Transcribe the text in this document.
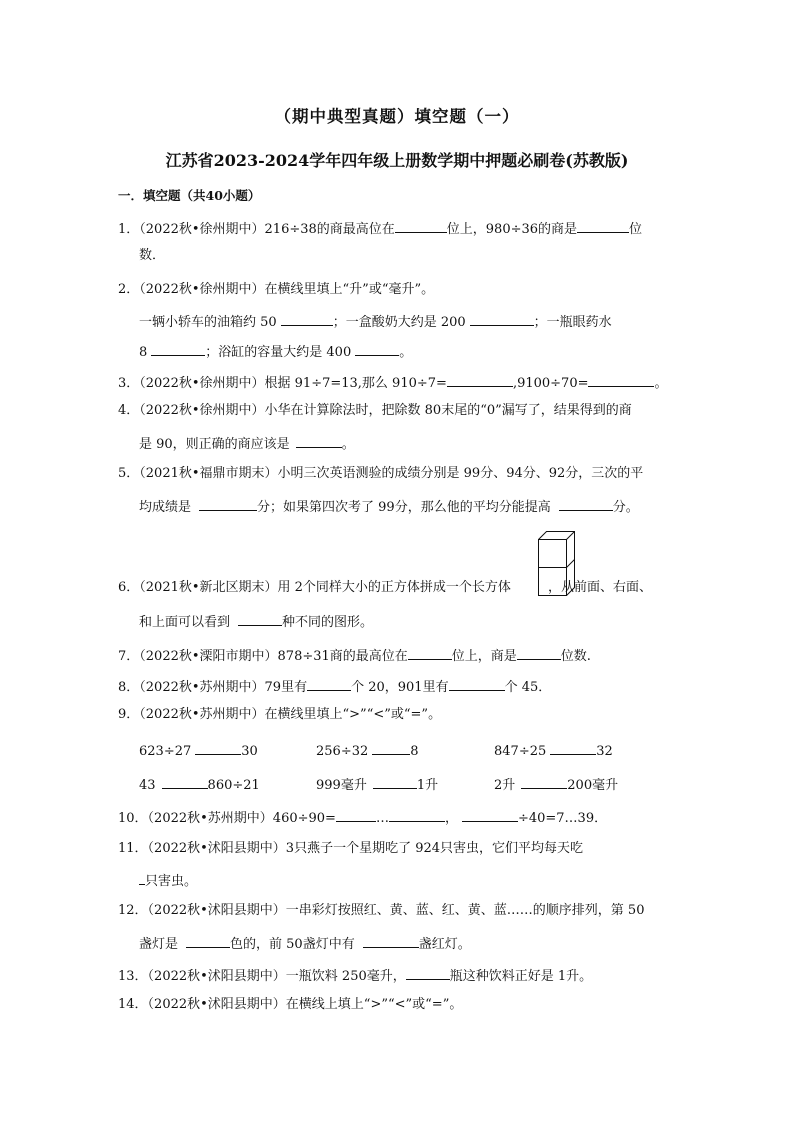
（期中典型真题）填空题（一）
江苏省2023-2024学年四年级上册数学期中押题必刷卷(苏教版)
一．填空题（共40小题）
1．（2022秋•徐州期中）216÷38的商最高位在	位上，980÷36的商是	位
数．
2．（2022秋•徐州期中）在横线里填上“升”或“毫升”。
一辆小轿车的油箱约 50	；一盒酸奶大约是 200	；一瓶眼药水
8	；浴缸的容量大约是 400	。
3．（2022秋•徐州期中）根据 91÷7=13,那么 910÷7=	,9100÷70=	。
4．（2022秋•徐州期中）小华在计算除法时，把除数 80末尾的“0”漏写了，结果得到的商
是 90，则正确的商应该是	。
5．（2021秋•福鼎市期末）小明三次英语测验的成绩分别是 99分、94分、92分，三次的平
均成绩是	分；如果第四次考了 99分，那么他的平均分能提高	分。
6．（2021秋•新北区期末）用 2个同样大小的正方体拼成一个长方体	，从前面、右面、
和上面可以看到	种不同的图形。
7．（2022秋•溧阳市期中）878÷31商的最高位在	位上，商是	位数.
8．（2022秋•苏州期中）79里有	个 20，901里有	个 45．
9．（2022秋•苏州期中）在横线里填上“>”“<”或“=”。
623÷27	30	256÷32	8	847÷25	32
43	860÷21	999毫升	1升	2升	200毫升
10．（2022秋•苏州期中）460÷90=	…	，	÷40=7…39．
11．（2022秋•沭阳县期中）3只燕子一个星期吃了 924只害虫，它们平均每天吃
只害虫。
12．（2022秋•沭阳县期中）一串彩灯按照红、黄、蓝、红、黄、蓝……的顺序排列，第 50
盏灯是	色的，前 50盏灯中有	盏红灯。
13．（2022秋•沭阳县期中）一瓶饮料 250毫升，	瓶这种饮料正好是 1升。
14．（2022秋•沭阳县期中）在横线上填上“>”“<”或“=”。
